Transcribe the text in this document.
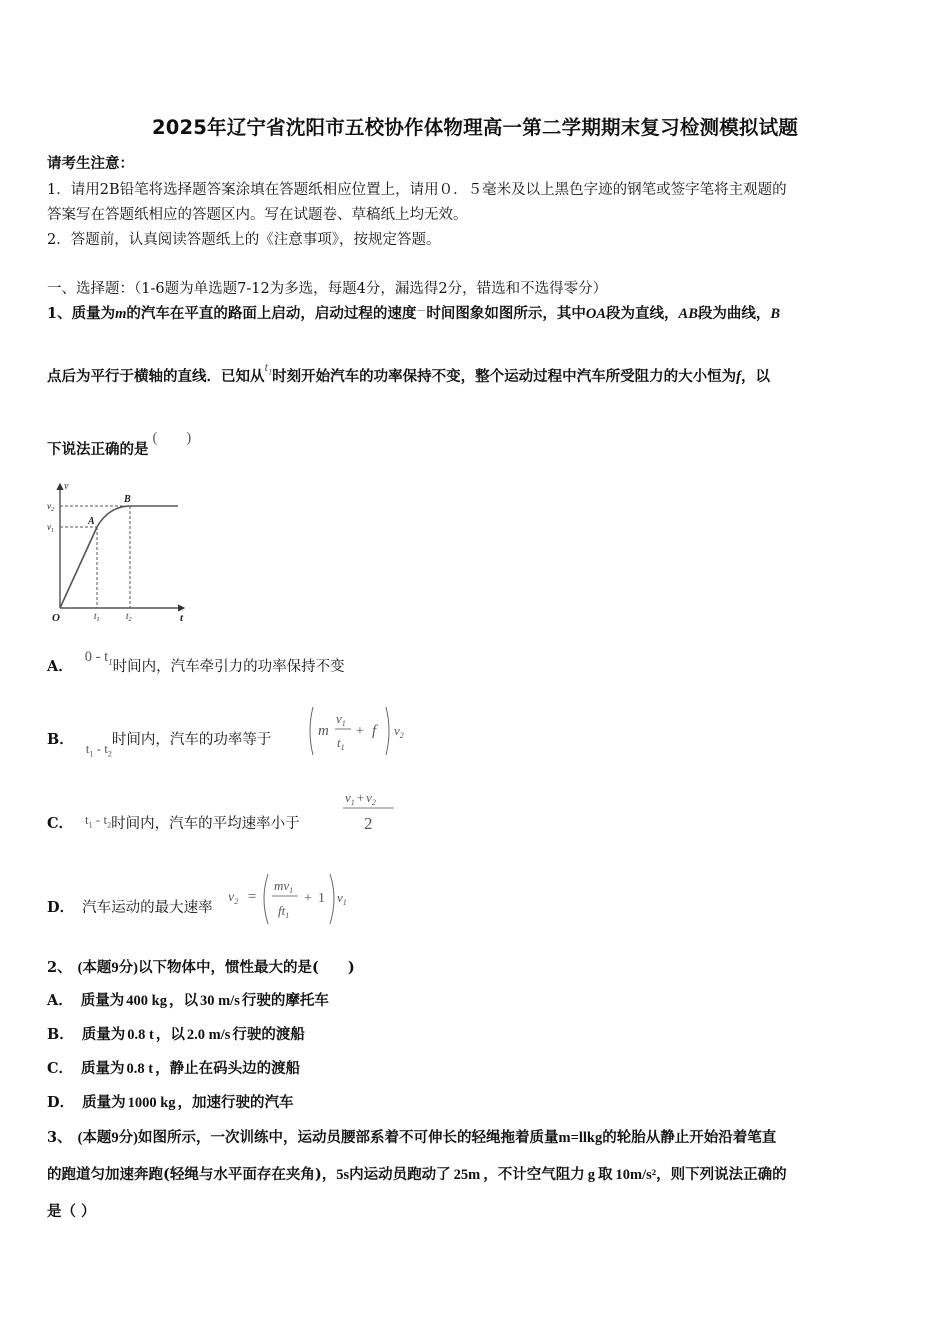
2025年辽宁省沈阳市五校协作体物理高一第二学期期末复习检测模拟试题
请考生注意：
1．请用2B铅笔将选择题答案涂填在答题纸相应位置上，请用０．５毫米及以上黑色字迹的钢笔或签字笔将主观题的
答案写在答题纸相应的答题区内。写在试题卷、草稿纸上均无效。
2．答题前，认真阅读答题纸上的《注意事项》，按规定答题。
一、选择题：（1-6题为单选题7-12为多选，每题4分，漏选得2分，错选和不选得零分）
1、质量为m的汽车在平直的路面上启动，启动过程的速度－时间图象如图所示，其中OA段为直线，AB段为曲线，B
点后为平行于横轴的直线．已知从$t_1$时刻开始汽车的功率保持不变，整个运动过程中汽车所受阻力的大小恒为f，以
下说法正确的是(　　)
v
t
O
$v_2$
$v_1$
$t_1$	$t_2$
A
B
A．$0 - t_1$时间内，汽车牵引力的功率保持不变
B．$t_1 - t_2$时间内，汽车的功率等于
m
$v_1$
$t_1$
+ f $v_2$
C． $t_1 - t_2$时间内，汽车的平均速率小于
$v_1 + v_2$
2
D． 汽车运动的最大速率
$v_2$ =
$mv_1$
$ft_1$
+ 1 $v_1$
2、 (本题9分)以下物体中，惯性最大的是(　　)
A． 质量为 400 kg ，以 30 m/s 行驶的摩托车
B． 质量为 0.8 t ，以 2.0 m/s 行驶的渡船
C． 质量为 0.8 t ，静止在码头边的渡船
D． 质量为 1000 kg ，加速行驶的汽车
3、 (本题9分)如图所示，一次训练中，运动员腰部系着不可伸长的轻绳拖着质量m=llkg的轮胎从静止开始沿着笔直
的跑道匀加速奔跑(轻绳与水平面存在夹角)，5s内运动员跑动了 25m ，不计空气阻力 g 取 10m/s²，则下列说法正确的
是（ ）
